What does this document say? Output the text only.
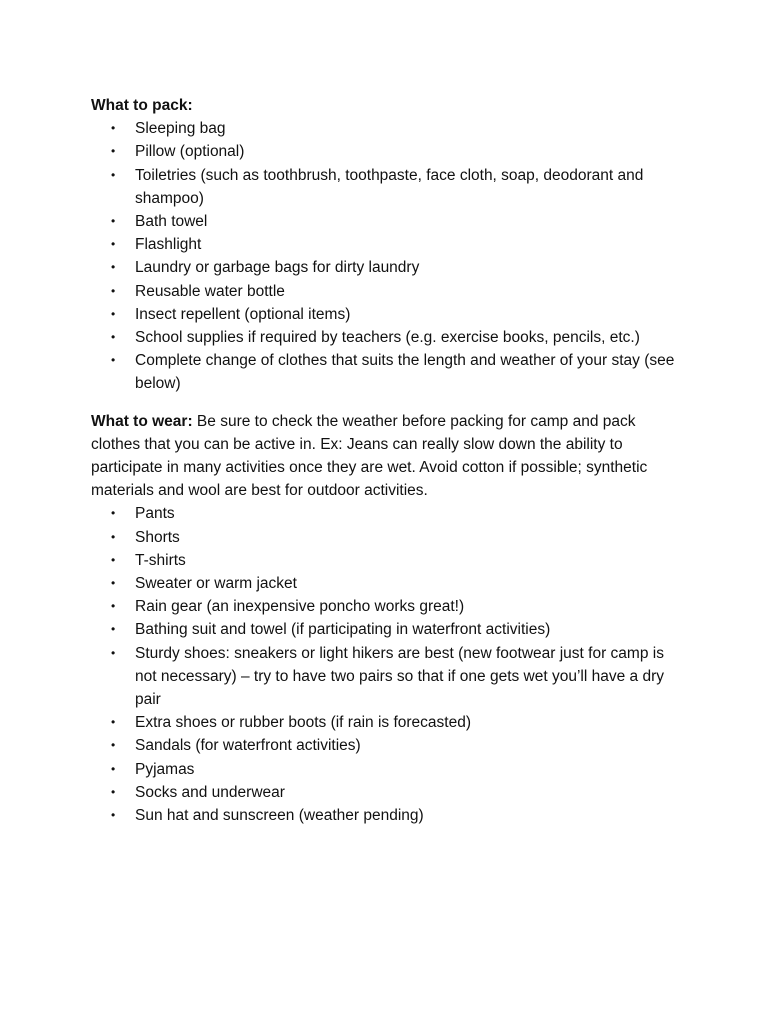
What to pack:

• Sleeping bag
• Pillow (optional)
• Toiletries (such as toothbrush, toothpaste, face cloth, soap, deodorant and shampoo)
• Bath towel
• Flashlight
• Laundry or garbage bags for dirty laundry
• Reusable water bottle
• Insect repellent (optional items)
• School supplies if required by teachers (e.g. exercise books, pencils, etc.)
• Complete change of clothes that suits the length and weather of your stay (see below)

What to wear: Be sure to check the weather before packing for camp and pack clothes that you can be active in. Ex: Jeans can really slow down the ability to participate in many activities once they are wet. Avoid cotton if possible; synthetic materials and wool are best for outdoor activities.

• Pants
• Shorts
• T-shirts
• Sweater or warm jacket
• Rain gear (an inexpensive poncho works great!)
• Bathing suit and towel (if participating in waterfront activities)
• Sturdy shoes: sneakers or light hikers are best (new footwear just for camp is not necessary) – try to have two pairs so that if one gets wet you’ll have a dry pair
• Extra shoes or rubber boots (if rain is forecasted)
• Sandals (for waterfront activities)
• Pyjamas
• Socks and underwear
• Sun hat and sunscreen (weather pending)
